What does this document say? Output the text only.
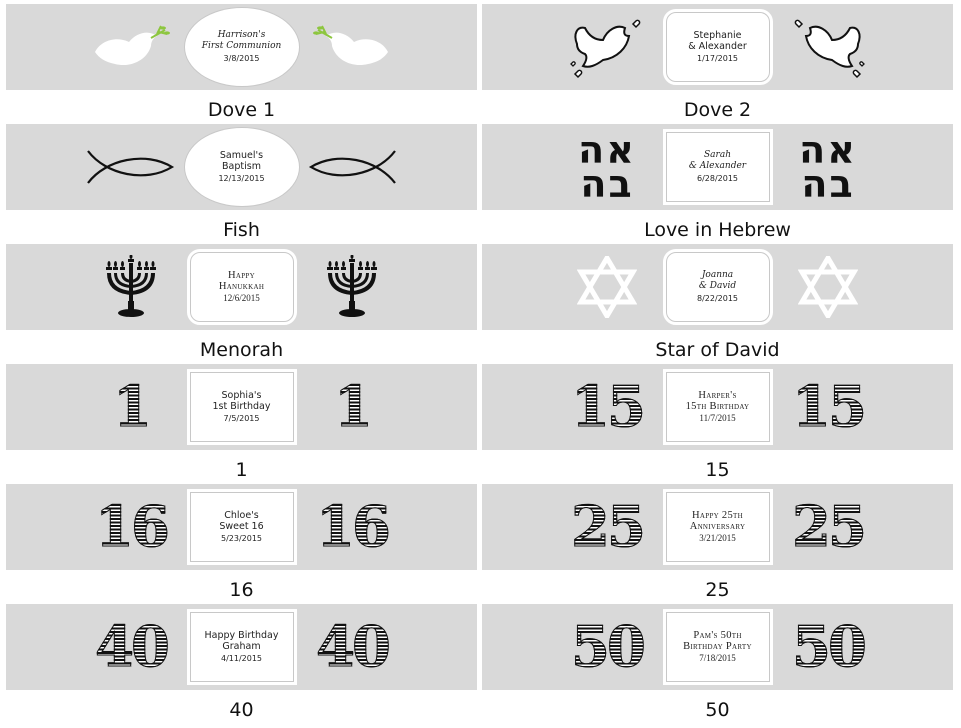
Harrison's
First Communion
3/8/2015
Dove 1
Stephanie
& Alexander
1/17/2015
Dove 2
Samuel's
Baptism
12/13/2015
Fish
אה
בה
Sarah
& Alexander
6/28/2015
אה
בה
Love in Hebrew
Happy
Hanukkah
12/6/2015
Menorah
Joanna
& David
8/22/2015
Star of David
1	Sophia's
1st Birthday
7/5/2015 1
1
15	Harper's
15th Birthday
11/7/2015 15
15
16	Chloe's
Sweet 16
5/23/2015 16
16
25	Happy 25th
Anniversary
3/21/2015 25
25
40	Happy Birthday
Graham
4/11/2015 40
40
50	Pam's 50th
Birthday Party
7/18/2015 50
50
